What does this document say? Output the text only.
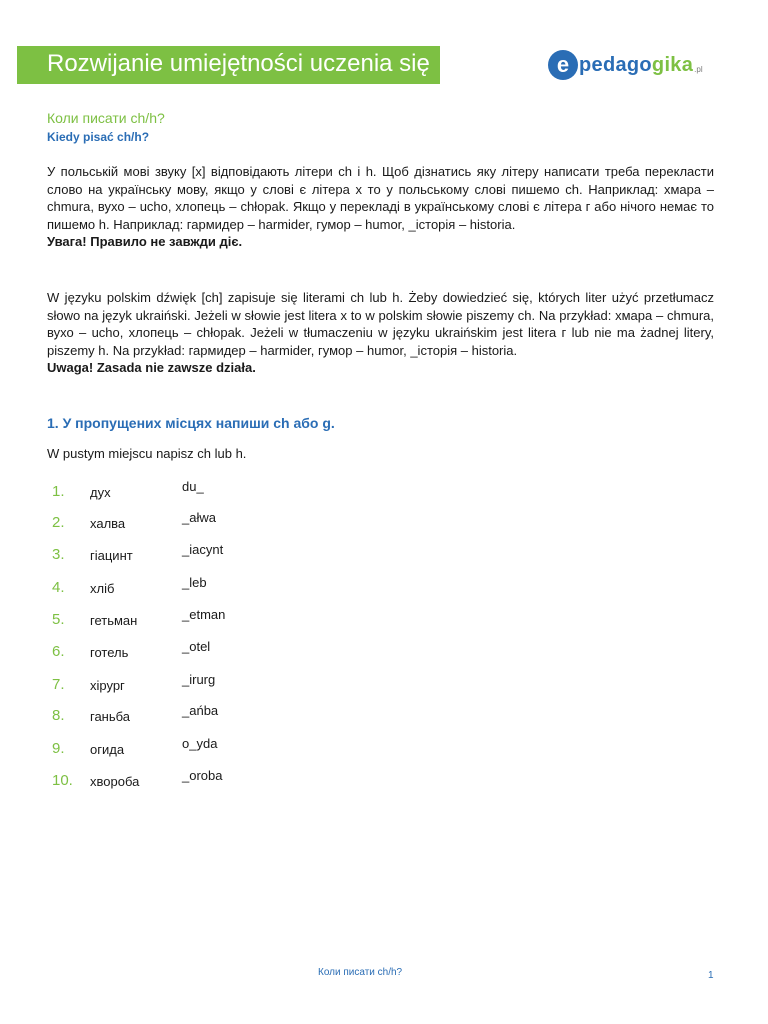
Rozwijanie umiejętności uczenia się	e pedagogika .pl
Коли писати ch/h?
Kiedy pisać ch/h?
У польській мові звуку [х] відповідають літери ch i h. Щоб дізнатись яку літеру написати треба перекласти слово на українську мову, якщо у слові є літера х то у польському слові пишемо ch. Наприклад: хмара – chmura, вухо – ucho, хлопець – chłopak. Якщо у перекладі в українському слові є літера г або нічого немає то пишемо h. Наприклад: гармидер – harmider, гумор – humor, _історія – historia.
Увага! Правило не завжди діє.
W języku polskim dźwięk [ch] zapisuje się literami ch lub h. Żeby dowiedzieć się, których liter użyć przetłumacz słowo na język ukraiński. Jeżeli w słowie jest litera x to w polskim słowie piszemy ch. Na przykład: хмара – chmura, вухо – ucho, хлопець – chłopak. Jeżeli w tłumaczeniu w języku ukraińskim jest litera г lub nie ma żadnej litery, piszemy h. Na przykład: гармидер – harmider, гумор – humor, _історія – historia.
Uwaga! Zasada nie zawsze działa.
1. У пропущених місцях напиши ch або g.
W pustym miejscu napisz ch lub h.
1.	дух	du_
2.	халва	_ałwa
3.	гіацинт	_iacynt
4.	хліб	_leb
5.	гетьман	_etman
6.	готель	_otel
7.	хірург	_irurg
8.	ганьба	_ańba
9.	огида	o_yda
10. хвороба	_oroba
Коли писати ch/h?	1
